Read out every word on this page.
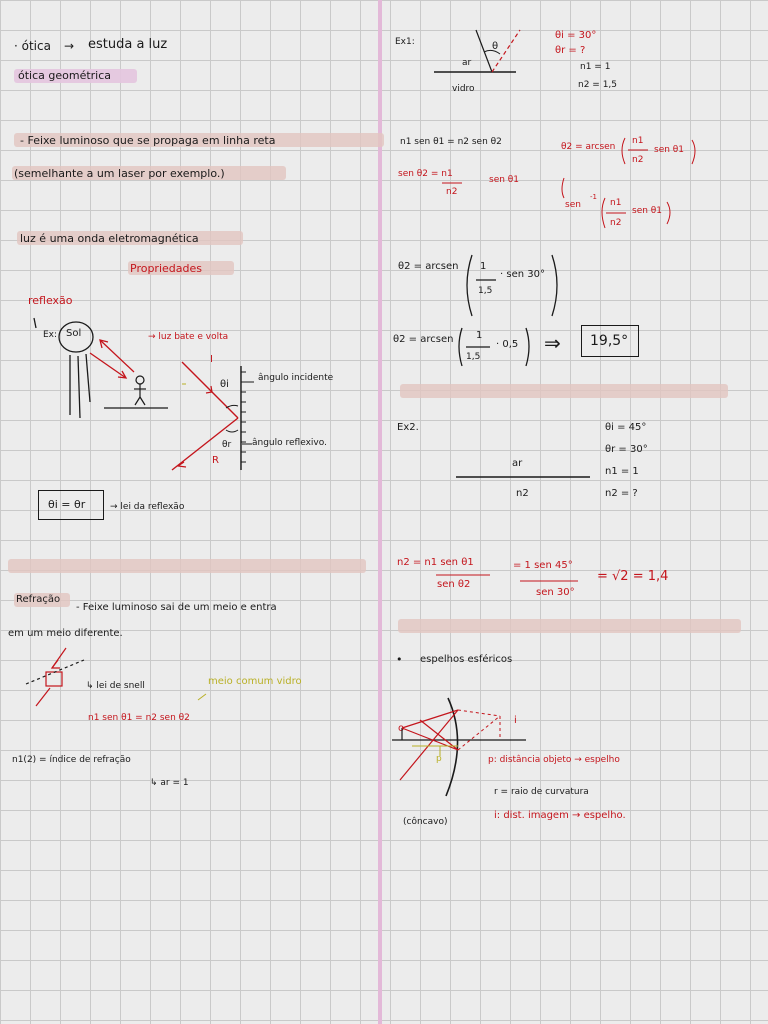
· ótica → estuda a luz
ótica geométrica
- Feixe luminoso que se propaga em linha reta
(semelhante a um laser por exemplo.)
luz é uma onda eletromagnética
Propriedades
reflexão
Ex: Sol	→ luz bate e volta
I
R
θi
θr
ângulo incidente
ângulo reflexivo.
θi = θr	→ lei da reflexão
Refração
- Feixe luminoso sai de um meio e entra
em um meio diferente.
↳ lei de snell	meio comum vidro
n1 sen θ1 = n2 sen θ2
n1(2) = índice de refração
↳ ar = 1
Ex1:
ar
vidro
θ
θi = 30°
θr = ?
n1 = 1
n2 = 1,5
n1 sen θ1 = n2 sen θ2
sen θ2 = n1
n2
sen θ1
θ2 = arcsen
n1
n2
sen θ1
sen
-1
n1
n2
sen θ1
θ2 = arcsen 1
1,5
· sen 30°
θ2 = arcsen 1
1,5
· 0,5 ⇒ 19,5°
Ex2.	θi = 45°
θr = 30°
n1 = 1
n2 = ?
ar
n2
n2 = n1 sen θ1
sen θ2
= 1 sen 45°
sen 30°
= √2 = 1,4
• espelhos esféricos
o
i
p	p: distância objeto → espelho
r = raio de curvatura
i: dist. imagem → espelho.
(côncavo)
